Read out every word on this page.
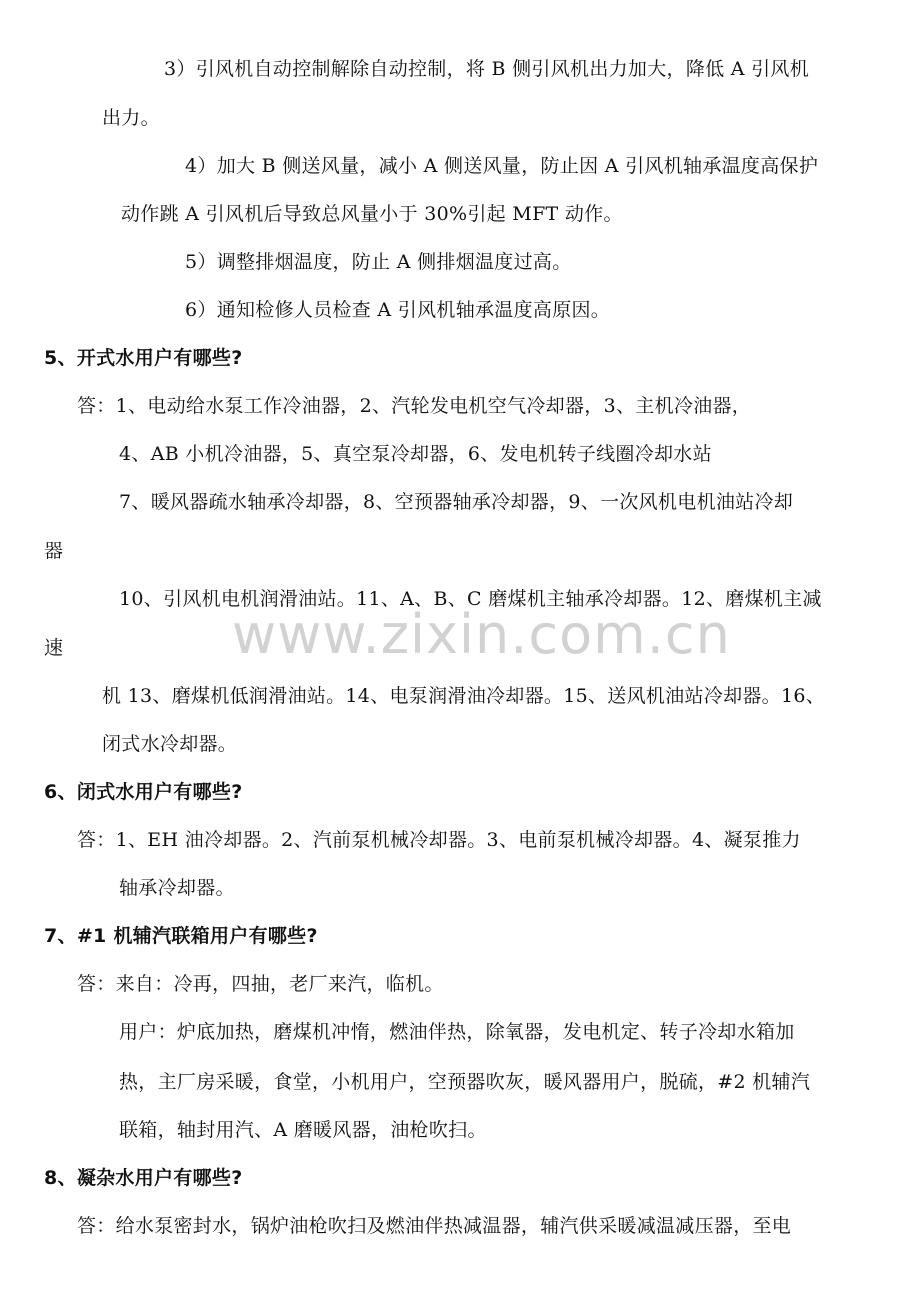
www.zixin.com.cn
3）引风机自动控制解除自动控制，将 B 侧引风机出力加大，降低 A 引风机
出力。
4）加大 B 侧送风量，减小 A 侧送风量，防止因 A 引风机轴承温度高保护
动作跳 A 引风机后导致总风量小于 30%引起 MFT 动作。
5）调整排烟温度，防止 A 侧排烟温度过高。
6）通知检修人员检查 A 引风机轴承温度高原因。
5、开式水用户有哪些?
答：1、电动给水泵工作冷油器，2、汽轮发电机空气冷却器，3、主机冷油器，
4、AB 小机冷油器，5、真空泵冷却器，6、发电机转子线圈冷却水站
7、暖风器疏水轴承冷却器，8、空预器轴承冷却器，9、一次风机电机油站冷却
器
10、引风机电机润滑油站。11、A、B、C 磨煤机主轴承冷却器。12、磨煤机主减
速
机 13、磨煤机低润滑油站。14、电泵润滑油冷却器。15、送风机油站冷却器。16、
闭式水冷却器。
6、闭式水用户有哪些?
答：1、EH 油冷却器。2、汽前泵机械冷却器。3、电前泵机械冷却器。4、凝泵推力
轴承冷却器。
7、#1 机辅汽联箱用户有哪些?
答：来自：冷再，四抽，老厂来汽，临机。
用户：炉底加热，磨煤机冲惰，燃油伴热，除氧器，发电机定、转子冷却水箱加
热，主厂房采暖，食堂，小机用户，空预器吹灰，暖风器用户，脱硫，#2 机辅汽
联箱，轴封用汽、A 磨暖风器，油枪吹扫。
8、凝杂水用户有哪些?
答：给水泵密封水，锅炉油枪吹扫及燃油伴热减温器，辅汽供采暖减温减压器，至电
